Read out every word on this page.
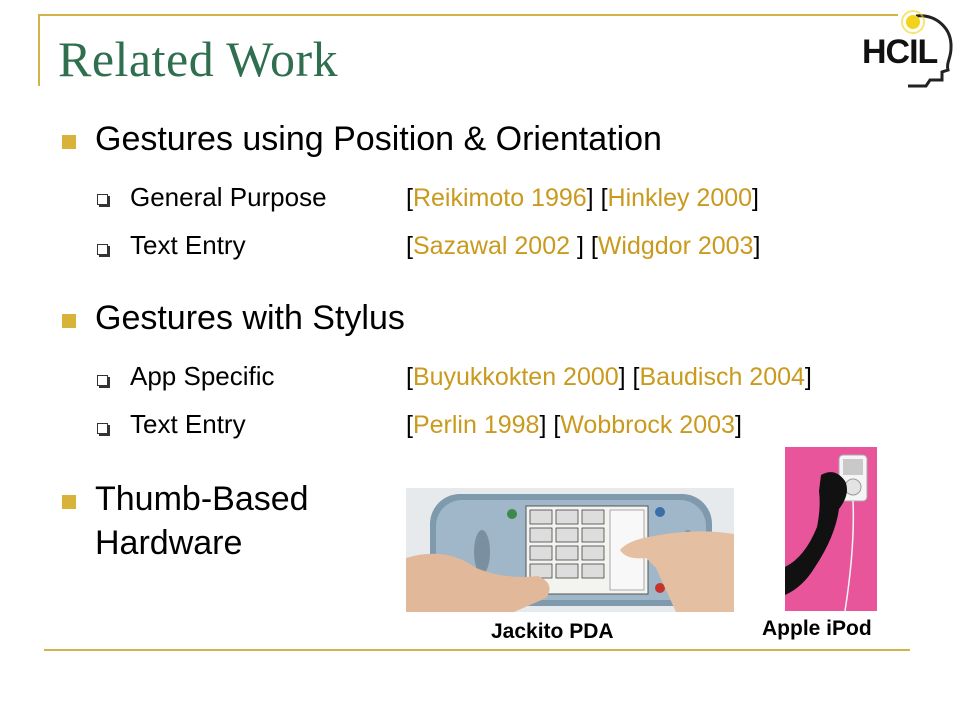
Related Work	HCIL
Gestures using Position & Orientation
General Purpose	[Reikimoto 1996] [Hinkley 2000]
Text Entry	[Sazawal 2002 ] [Widgdor 2003]
Gestures with Stylus
App Specific	[Buyukkokten 2000] [Baudisch 2004]
Text Entry	[Perlin 1998] [Wobbrock 2003]
Thumb-Based
Hardware
Jackito PDA	Apple iPod
